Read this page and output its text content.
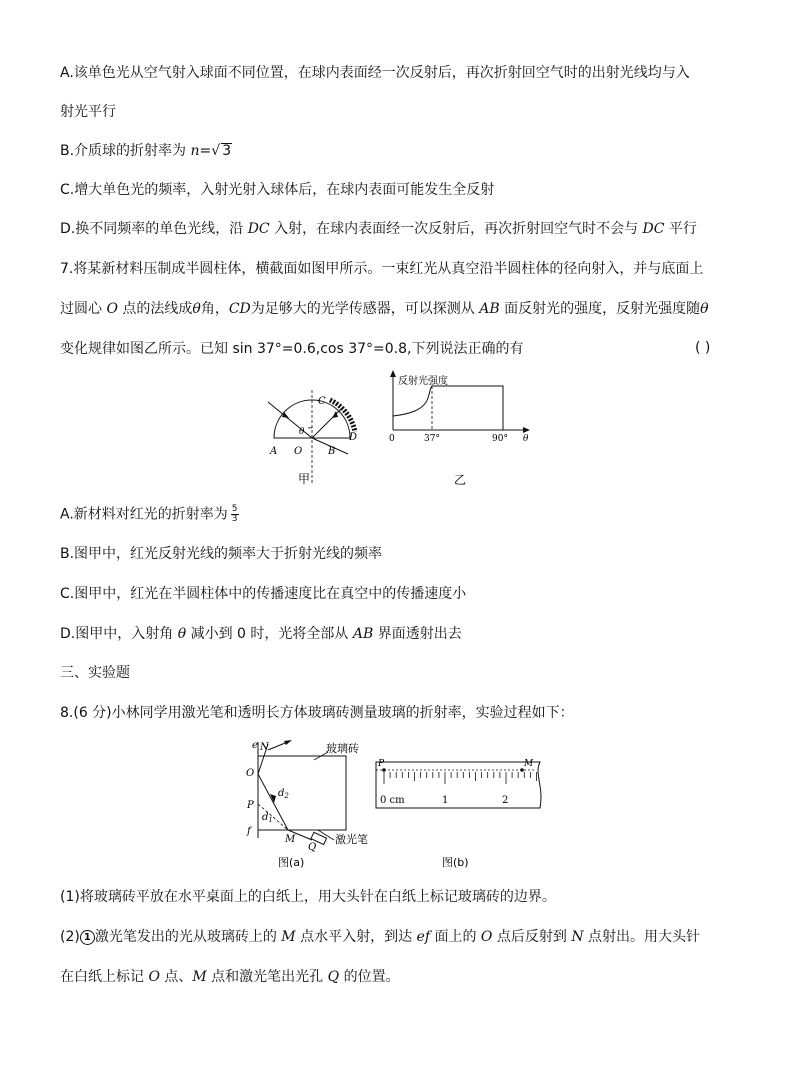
A.该单色光从空气射入球面不同位置，在球内表面经一次反射后，再次折射回空气时的出射光线均与入
射光平行
B.介质球的折射率为 n=√ 3
C.增大单色光的频率，入射光射入球体后，在球内表面可能发生全反射
D.换不同频率的单色光线，沿 DC 入射，在球内表面经一次反射后，再次折射回空气时不会与 DC 平行
7.将某新材料压制成半圆柱体，横截面如图甲所示。一束红光从真空沿半圆柱体的径向射入，并与底面上
过圆心 O 点的法线成θ角，CD为足够大的光学传感器，可以探测从 AB 面反射光的强度，反射光强度随θ
变化规律如图乙所示。已知 sin 37°=0.6,cos 37°=0.8,下列说法正确的有	( )
A O	B
C
D
θ
甲
反射光强度
0	37°	90° θ
乙
A.新材料对红光的折射率为 $\frac{5}{3}$
B.图甲中，红光反射光线的频率大于折射光线的频率
C.图甲中，红光在半圆柱体中的传播速度比在真空中的传播速度小
D.图甲中，入射角 θ 减小到 0 时，光将全部从 AB 界面透射出去
三、实验题
8.(6 分)小林同学用激光笔和透明长方体玻璃砖测量玻璃的折射率，实验过程如下：
e N
O
P
f
M
Q
$d_2$
$d_1$
玻璃砖
激光笔
图(a)
P	M
0 cm	1	2
图(b)
(1)将玻璃砖平放在水平桌面上的白纸上，用大头针在白纸上标记玻璃砖的边界。
(2) 1 激光笔发出的光从玻璃砖上的 M 点水平入射，到达 ef 面上的 O 点后反射到 N 点射出。用大头针
在白纸上标记 O 点、M 点和激光笔出光孔 Q 的位置。
